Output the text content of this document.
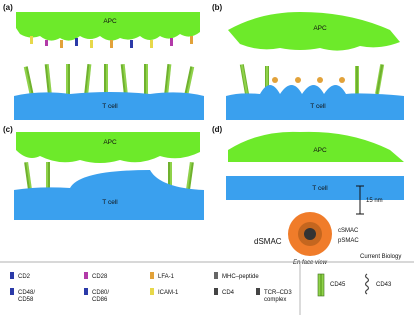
(a)
APC
T cell
(b)
APC
T cell
(c)
APC
T cell
(d)
APC
T cell
15 nm
dSMAC
cSMAC
pSMAC
En face view
Current Biology
CD2	CD28	LFA-1	MHC–peptide
CD48/
CD58
CD80/
CD86
ICAM-1	CD4	TCR–CD3
complex
CD45	CD43
